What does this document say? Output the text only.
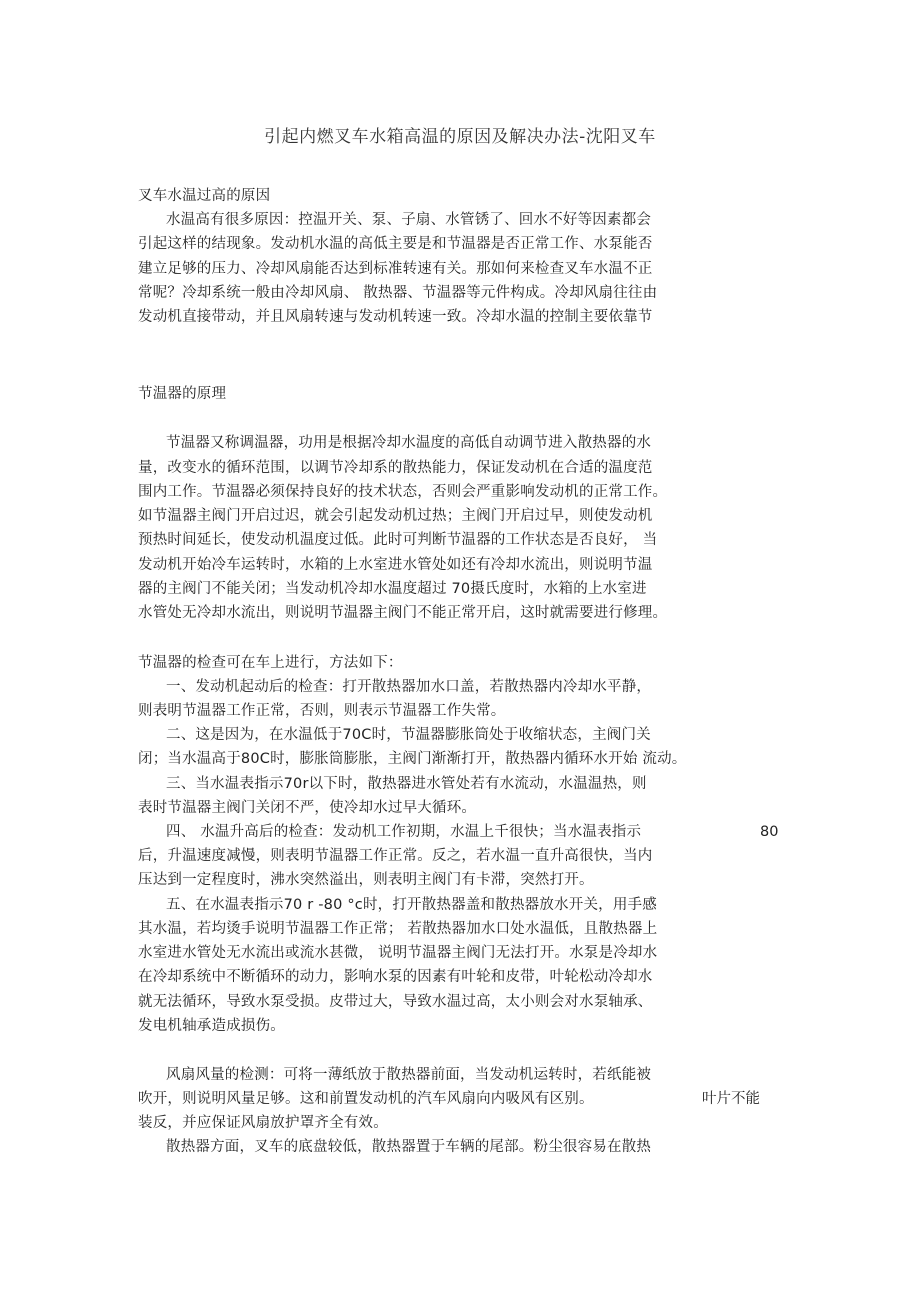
引起内燃叉车水箱高温的原因及解决办法-沈阳叉车
叉车水温过高的原因
水温高有很多原因：控温开关、泵、子扇、水管锈了、回水不好等因素都会
引起这样的结现象。发动机水温的高低主要是和节温器是否正常工作、水泵能否
建立足够的压力、冷却风扇能否达到标准转速有关。那如何来检查叉车水温不正
常呢？冷却系统一般由冷却风扇、 散热器、节温器等元件构成。冷却风扇往往由
发动机直接带动，并且风扇转速与发动机转速一致。冷却水温的控制主要依靠节
节温器的原理
节温器又称调温器，功用是根据冷却水温度的高低自动调节进入散热器的水
量，改变水的循环范围，以调节冷却系的散热能力，保证发动机在合适的温度范
围内工作。节温器必须保持良好的技术状态，否则会严重影响发动机的正常工作。
如节温器主阀门开启过迟，就会引起发动机过热；主阀门开启过早，则使发动机
预热时间延长，使发动机温度过低。此时可判断节温器的工作状态是否良好， 当
发动机开始冷车运转时，水箱的上水室进水管处如还有冷却水流出，则说明节温
器的主阀门不能关闭；当发动机冷却水温度超过 70摄氏度时，水箱的上水室进
水管处无冷却水流出，则说明节温器主阀门不能正常开启，这时就需要进行修理。
节温器的检查可在车上进行，方法如下：
一、发动机起动后的检查：打开散热器加水口盖，若散热器内冷却水平静，
则表明节温器工作正常，否则，则表示节温器工作失常。
二、这是因为，在水温低于70C时，节温器膨胀筒处于收缩状态，主阀门关
闭；当水温高于80C时，膨胀筒膨胀，主阀门渐渐打开，散热器内循环水开始 流动。
三、当水温表指示70r以下时，散热器进水管处若有水流动，水温温热，则
表时节温器主阀门关闭不严，使冷却水过早大循环。
四、 水温升高后的检查：发动机工作初期，水温上千很快；当水温表指示	80
后，升温速度减慢，则表明节温器工作正常。反之，若水温一直升高很快，当内
压达到一定程度时，沸水突然溢出，则表明主阀门有卡滞，突然打开。
五、在水温表指示70 r -80 °c时，打开散热器盖和散热器放水开关，用手感
其水温，若均烫手说明节温器工作正常； 若散热器加水口处水温低，且散热器上
水室进水管处无水流出或流水甚微， 说明节温器主阀门无法打开。水泵是冷却水
在冷却系统中不断循环的动力，影响水泵的因素有叶轮和皮带，叶轮松动冷却水
就无法循环，导致水泵受损。皮带过大，导致水温过高，太小则会对水泵轴承、
发电机轴承造成损伤。
风扇风量的检测：可将一薄纸放于散热器前面，当发动机运转时，若纸能被
吹开，则说明风量足够。这和前置发动机的汽车风扇向内吸风有区别。	叶片不能
装反，并应保证风扇放护罩齐全有效。
散热器方面，叉车的底盘较低，散热器置于车辆的尾部。粉尘很容易在散热
